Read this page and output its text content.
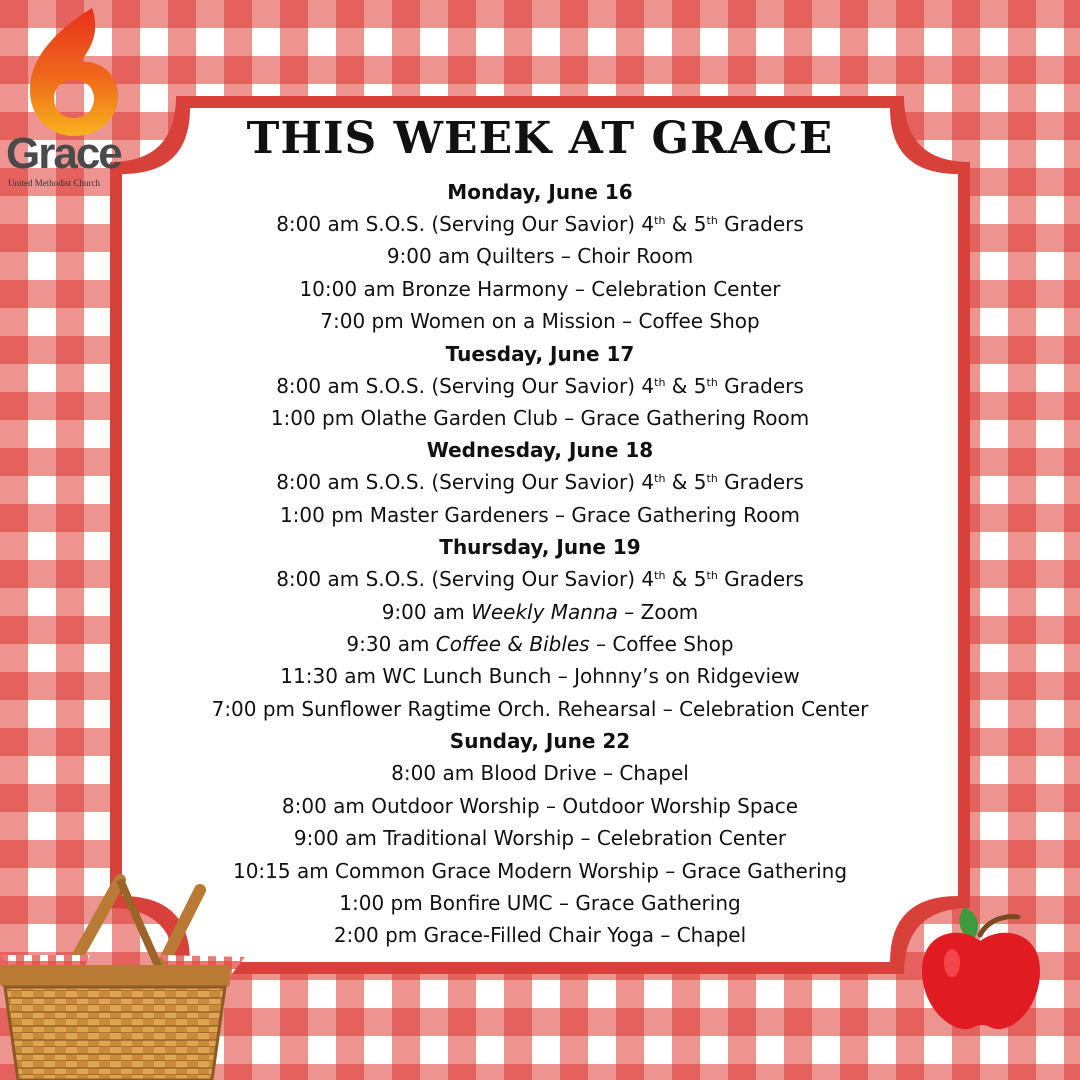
Grace
United Methodist Church
THIS WEEK AT GRACE
Monday, June 16
8:00 am S.O.S. (Serving Our Savior) 4th & 5th Graders
9:00 am Quilters – Choir Room
10:00 am Bronze Harmony – Celebration Center
7:00 pm Women on a Mission – Coffee Shop
Tuesday, June 17
8:00 am S.O.S. (Serving Our Savior) 4th & 5th Graders
1:00 pm Olathe Garden Club – Grace Gathering Room
Wednesday, June 18
8:00 am S.O.S. (Serving Our Savior) 4th & 5th Graders
1:00 pm Master Gardeners – Grace Gathering Room
Thursday, June 19
8:00 am S.O.S. (Serving Our Savior) 4th & 5th Graders
9:00 am Weekly Manna – Zoom
9:30 am Coffee & Bibles – Coffee Shop
11:30 am WC Lunch Bunch – Johnny’s on Ridgeview
7:00 pm Sunflower Ragtime Orch. Rehearsal – Celebration Center
Sunday, June 22
8:00 am Blood Drive – Chapel
8:00 am Outdoor Worship – Outdoor Worship Space
9:00 am Traditional Worship – Celebration Center
10:15 am Common Grace Modern Worship – Grace Gathering
1:00 pm Bonfire UMC – Grace Gathering
2:00 pm Grace-Filled Chair Yoga – Chapel
